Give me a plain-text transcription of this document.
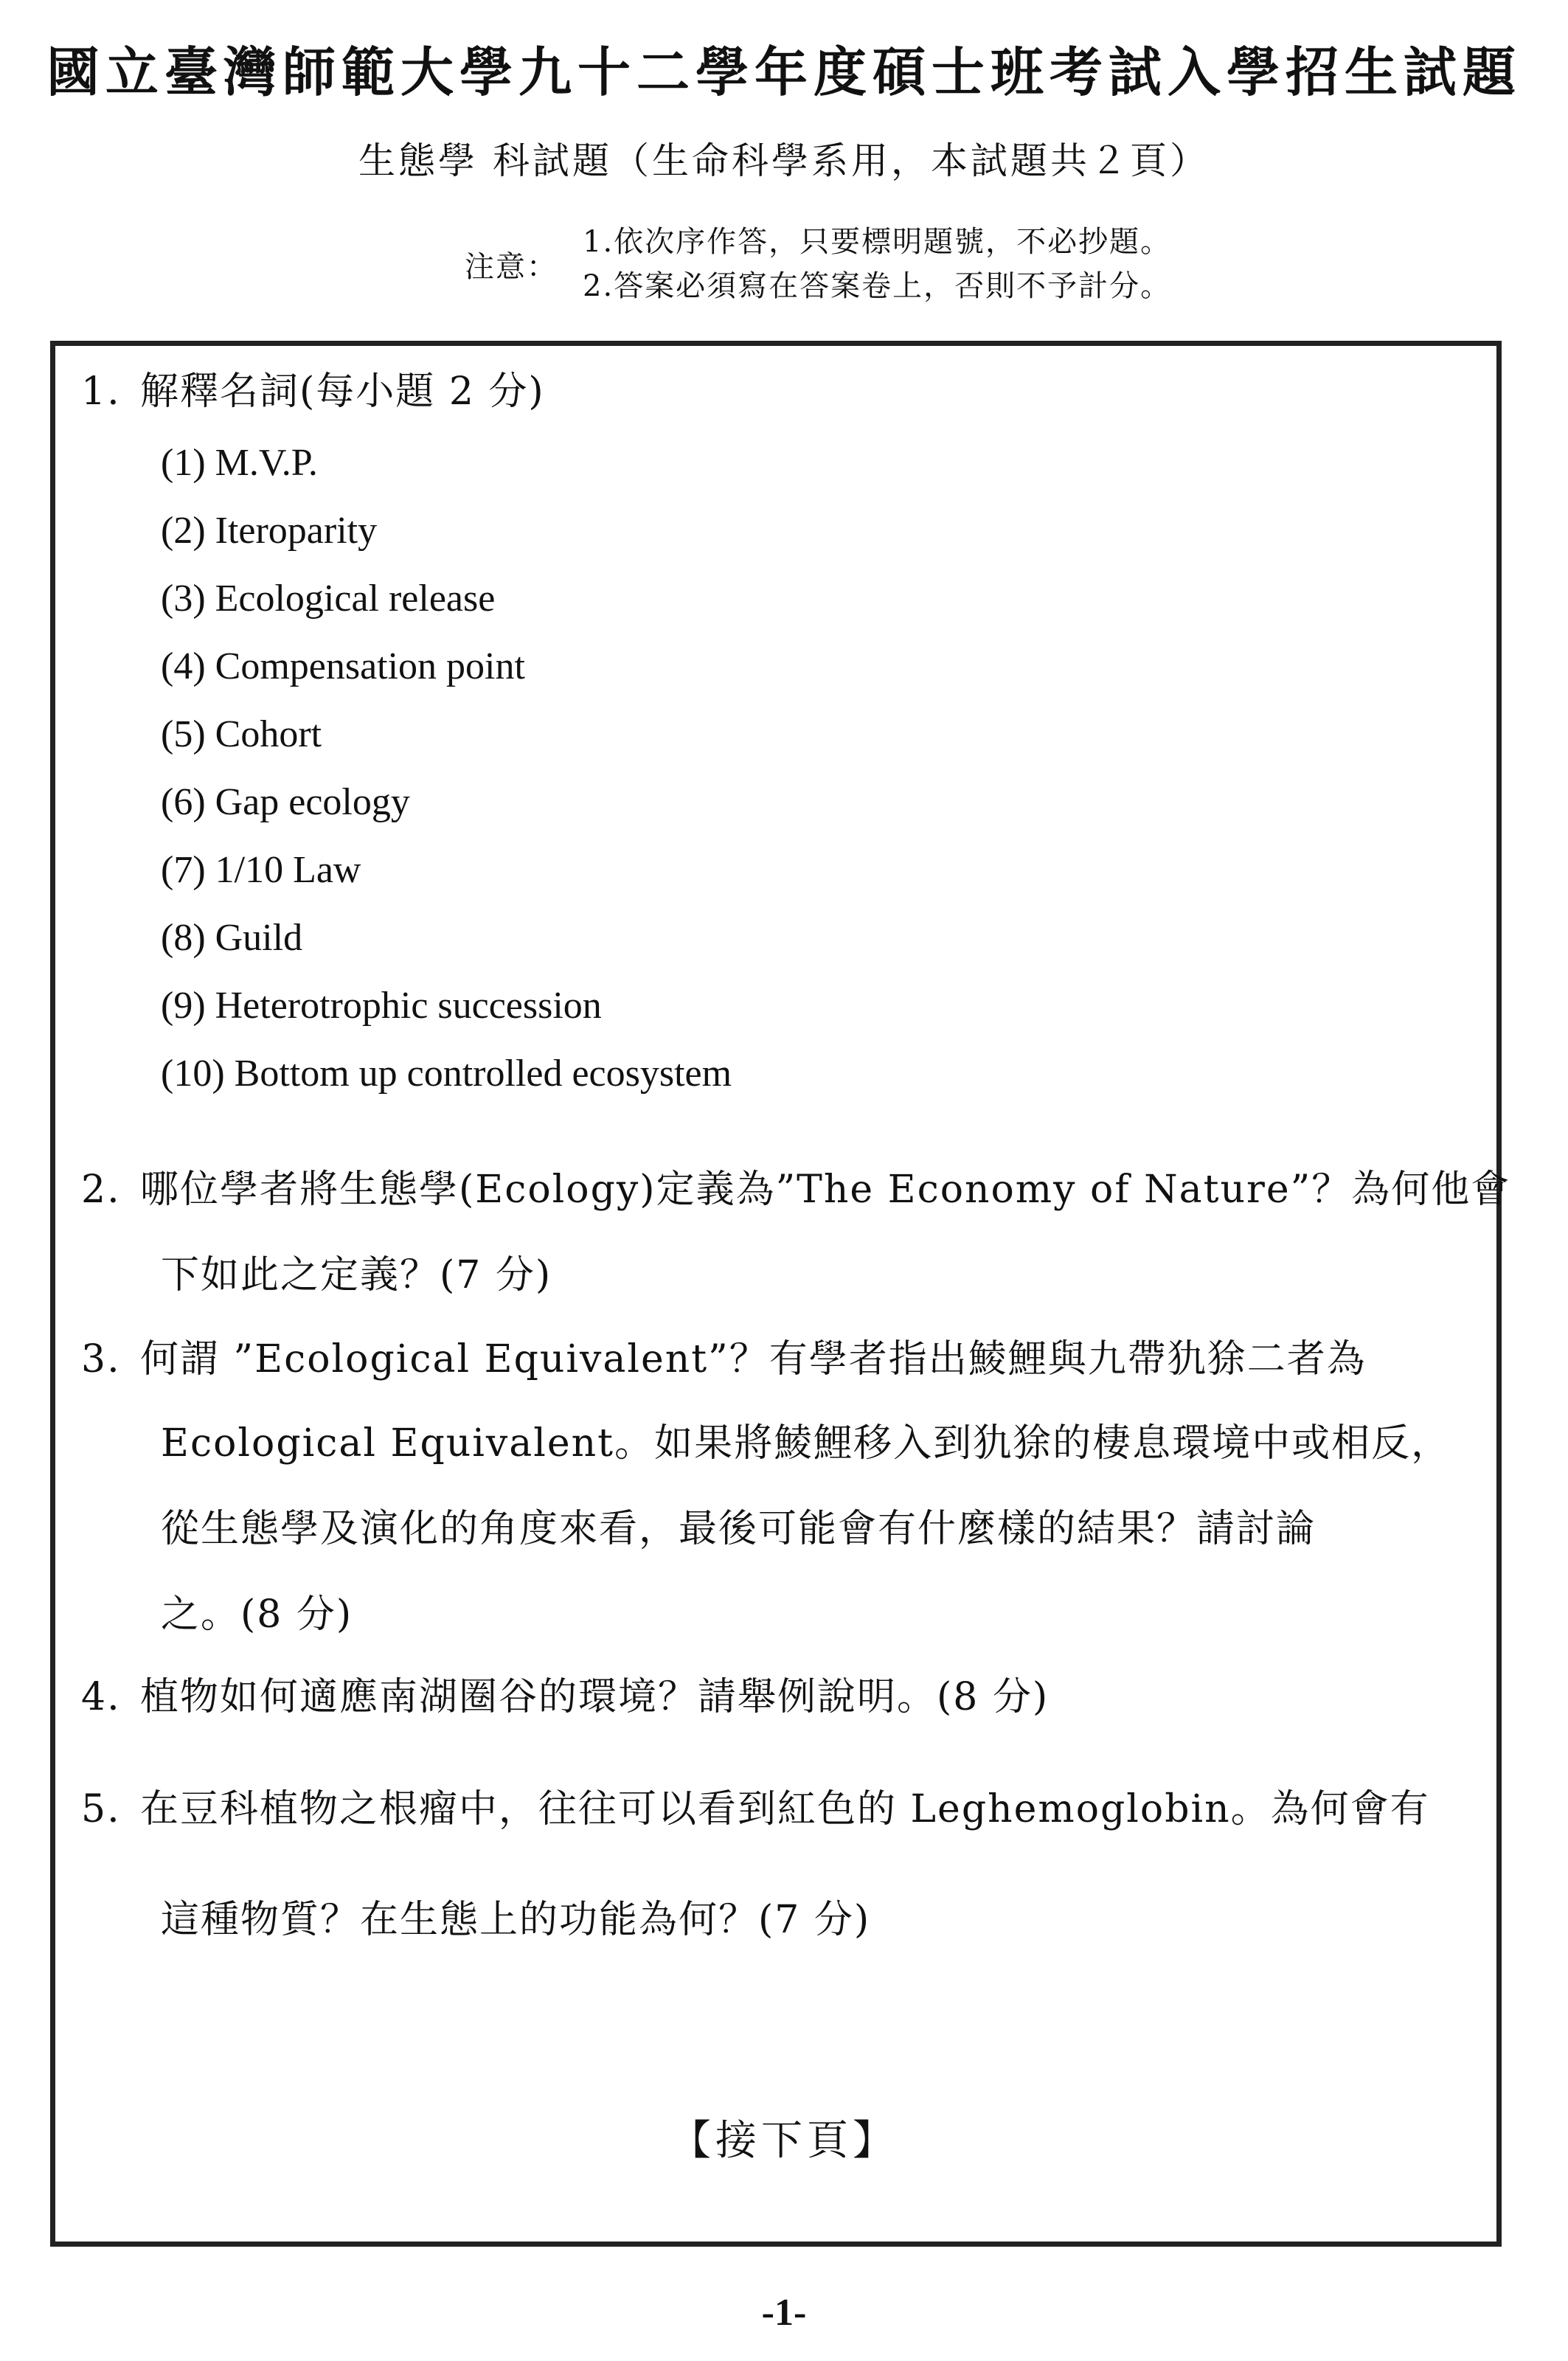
國立臺灣師範大學九十二學年度碩士班考試入學招生試題
生態學 科試題（生命科學系用，本試題共２頁）
注意：
1.依次序作答，只要標明題號，不必抄題。
2.答案必須寫在答案卷上，否則不予計分。
1. 解釋名詞(每小題 2 分)
(1) M.V.P.
(2) Iteroparity
(3) Ecological release
(4) Compensation point
(5) Cohort
(6) Gap ecology
(7) 1/10 Law
(8) Guild
(9) Heterotrophic succession
(10) Bottom up controlled ecosystem
2. 哪位學者將生態學(Ecology)定義為”The Economy of Nature”？為何他會
下如此之定義？(7 分)
3. 何謂 ”Ecological Equivalent”？有學者指出鯪鯉與九帶犰狳二者為
Ecological Equivalent。如果將鯪鯉移入到犰狳的棲息環境中或相反，
從生態學及演化的角度來看，最後可能會有什麼樣的結果？請討論
之。(8 分)
4. 植物如何適應南湖圈谷的環境？請舉例說明。(8 分)
5. 在豆科植物之根瘤中，往往可以看到紅色的 Leghemoglobin。為何會有
這種物質？在生態上的功能為何？(7 分)
【接下頁】
-1-
